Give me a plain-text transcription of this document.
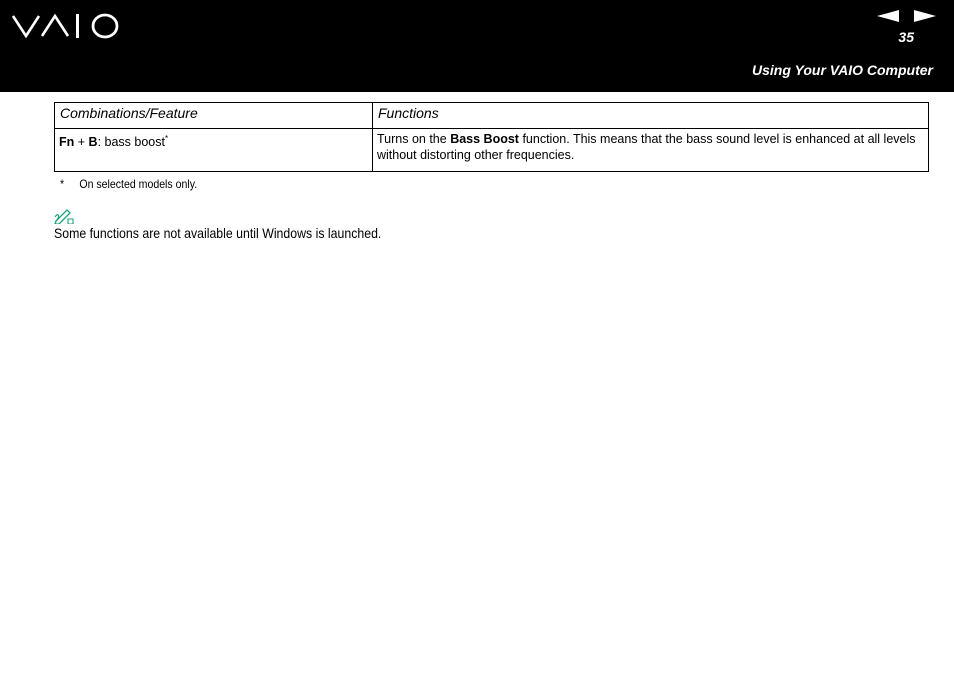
35
Using Your VAIO Computer
Combinations/Feature	Functions
Fn + B: bass boost*	Turns on the Bass Boost function. This means that the bass sound level is enhanced at all levels without distorting other frequencies.
* On selected models only.
Some functions are not available until Windows is launched.
